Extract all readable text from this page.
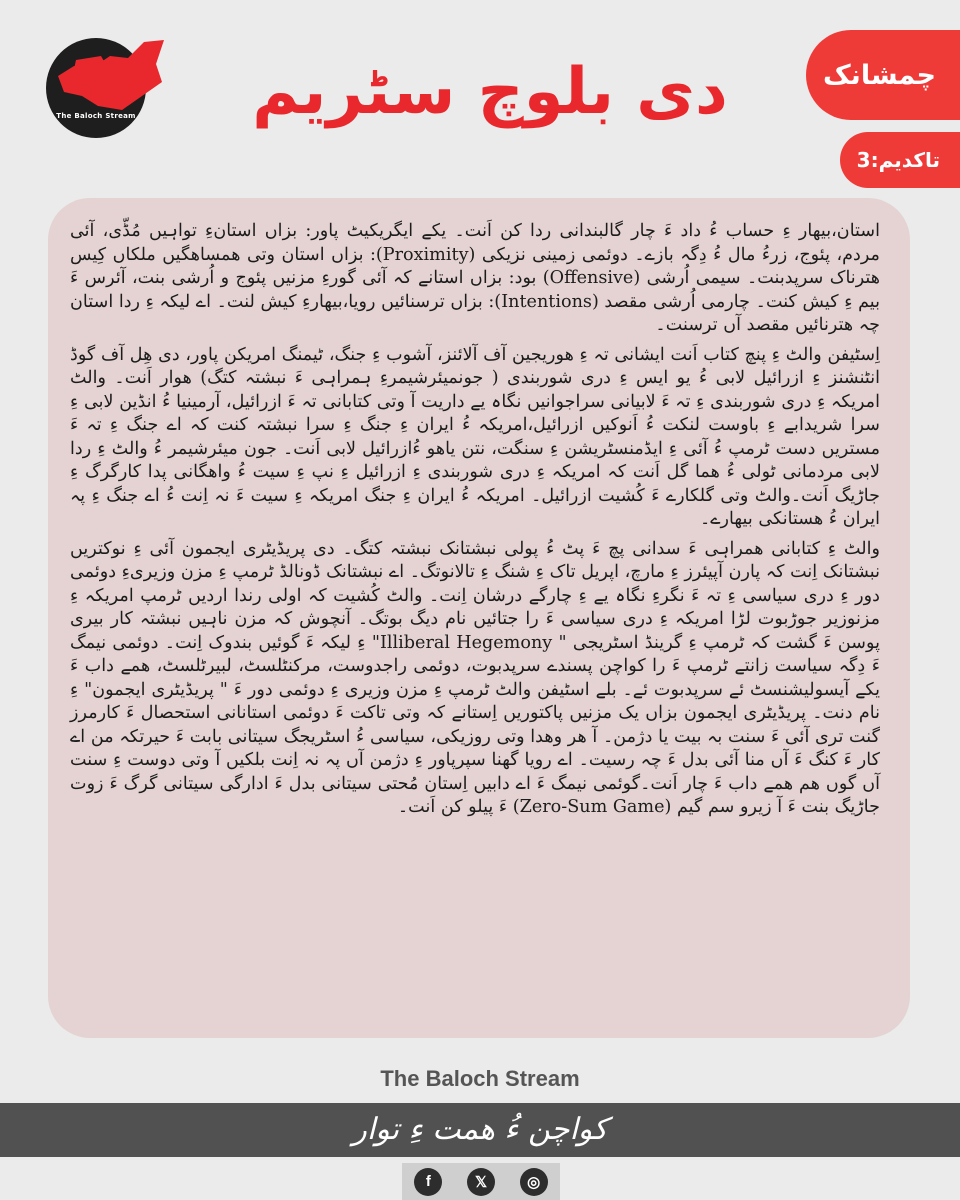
The Baloch Stream	دی بلوچ سٹریم	چمشانک
تاکدیم:3

استان،بیھار ءِ حساب ءُ داد ءَ چار گالبندانی ردا کن اَنت۔ یکے ایگریکیٹ پاور: بزاں استانءِ تواہیں مُڈّی، آئی مردم، پئوج، زرءُ مال ءُ دِگہ بازے۔ دوئمی زمینی نزیکی (Proximity): بزاں استان وتی ھمساھگیں ملکاں کِیس ھترناک سرپدبنت۔ سیمی اُرشی (Offensive) بود: بزاں استانے کہ آئی گورءِ مزنیں پئوج و اُرشی بنت، آئرس ءَ بیم ءِ کیش کنت۔ چارمی اُرشی مقصد (Intentions): بزاں ترسنائیں رویا،بیھارءِ کیش لنت۔ اے لیکہ ءِ ردا استان چہ ھترنائیں مقصد آں ترسنت۔

اِسٹیفن والٹ ءِ پنچ کتاب اَنت ایشانی تہ ءِ ھوریجین آف آلائنز، آشوب ءِ جنگ، ٹیمنگ امریکن پاور، دی ھِل آف گوڈ انٹنشنز ءِ ازرائیل لابی ءُ یو ایس ءِ دری شوربندی ( جونمیئرشیمرءِ ہمراہی ءَ نبشتہ کتگ) ھوار اَنت۔ والٹ امریکہ ءِ دری شوربندی ءِ تہ ءَ لابیانی سراجوانیں نگاہ یے داریت آ وتی کتابانی تہ ءَ ازرائیل، آرمینیا ءُ انڈین لابی ءِ سرا شریدابے ءِ باوست لنکت ءُ اَنوکیں ازرائیل،امریکہ ءُ ایران ءِ جنگ ءِ سرا نبشتہ کنت کہ اے جنگ ءِ تہ ءَ مستریں دست ٹرمپ ءُ آئی ءِ ایڈمنسٹریشن ءِ سنگت، نتن یاھو ءُازرائیل لابی اَنت۔ جون میئرشیمر ءُ والٹ ءِ ردا لابی مردمانی ٹولی ءُ ھما گل اَنت کہ امریکہ ءِ دری شوربندی ءِ ازرائیل ءِ نپ ءِ سیت ءُ واھگانی پدا کارگرگ ءِ جاڑیگ اَنت۔والٹ وتی گلکارے ءَ کُشیت ازرائیل۔ امریکہ ءُ ایران ءِ جنگ امریکہ ءِ سیت ءَ نہ اِنت ءُ اے جنگ ءِ پہ ایران ءُ ھستانکی بیھارے۔

والٹ ءِ کتابانی ھمراہی ءَ سدانی پچ ءَ پٹ ءُ پولی نبشتانک نبشتہ کتگ۔ دی پریڈیٹری ایجمون آئی ءِ نوکتریں نبشتانک اِنت کہ پارن آپیئرز ءِ مارچ، اپریل تاک ءِ شنگ ءِ تالانوتگ۔ اے نبشتانک ڈونالڈ ٹرمپ ءِ مزن وزیریءِ دوئمی دور ءِ دری سیاسی ءِ تہ ءَ نگرءِ نگاہ یے ءِ چارگے درشان اِنت۔ والٹ کُشیت کہ اولی رندا اردیں ٹرمپ امریکہ ءِ مزنوزیر جوڑبوت لڑا امریکہ ءِ دری سیاسی ءَ را جتائیں نام دیگ بوتگ۔ آنچوش کہ مزن ناہیں نبشتہ کار بیری پوسن ءَ گشت کہ ٹرمپ ءِ گرینڈ اسٹریجی " Illiberal Hegemony" ءِ لیکہ ءَ گوئیں بندوک اِنت۔ دوئمی نیمگ ءَ دِگہ سیاست زانتے ٹرمپ ءَ را کواچن پسندے سرپدبوت، دوئمی راجدوست، مرکنٹلسٹ، لبیرٹلسٹ، ھمے داب ءَ یکے آیسولیشنسٹ ئے سرپدبوت ئے۔ بلے اسٹیفن والٹ ٹرمپ ءِ مزن وزیری ءِ دوئمی دور ءَ " پریڈیٹری ایجمون" ءِ نام دنت۔ پریڈیٹری ایجمون بزاں یک مزنیں پاکتوریں اِستانے کہ وتی تاکت ءَ دوئمی استانانی استحصال ءَ کارمرز گنت تری آئی ءَ سنت بہ بیت یا دژمن۔ آ ھر وھدا وتی روزیکی، سیاسی ءُ اسٹریجگ سیتانی بابت ءَ حیرتکہ من اے کار ءَ کنگ ءَ آں منا آئی بدل ءَ چہ رسیت۔ اے رویا گھنا سپرپاور ءِ دژمن آں پہ نہ اِنت بلکیں آ وتی دوست ءِ سنت آں گوں ھم ھمے داب ءَ چار اَنت۔گوئمی نیمگ ءَ اے دابیں اِستان مُحتی سیتانی بدل ءَ ادارگی سیتانی گرگ ءَ زوت جاڑیگ بنت ءَ آ زیرو سم گیم (Zero-Sum Game) ءَ پیلو کن اَنت۔

The Baloch Stream
کواچن ءُ ھمت ءِ توار
f	𝕏	◎
